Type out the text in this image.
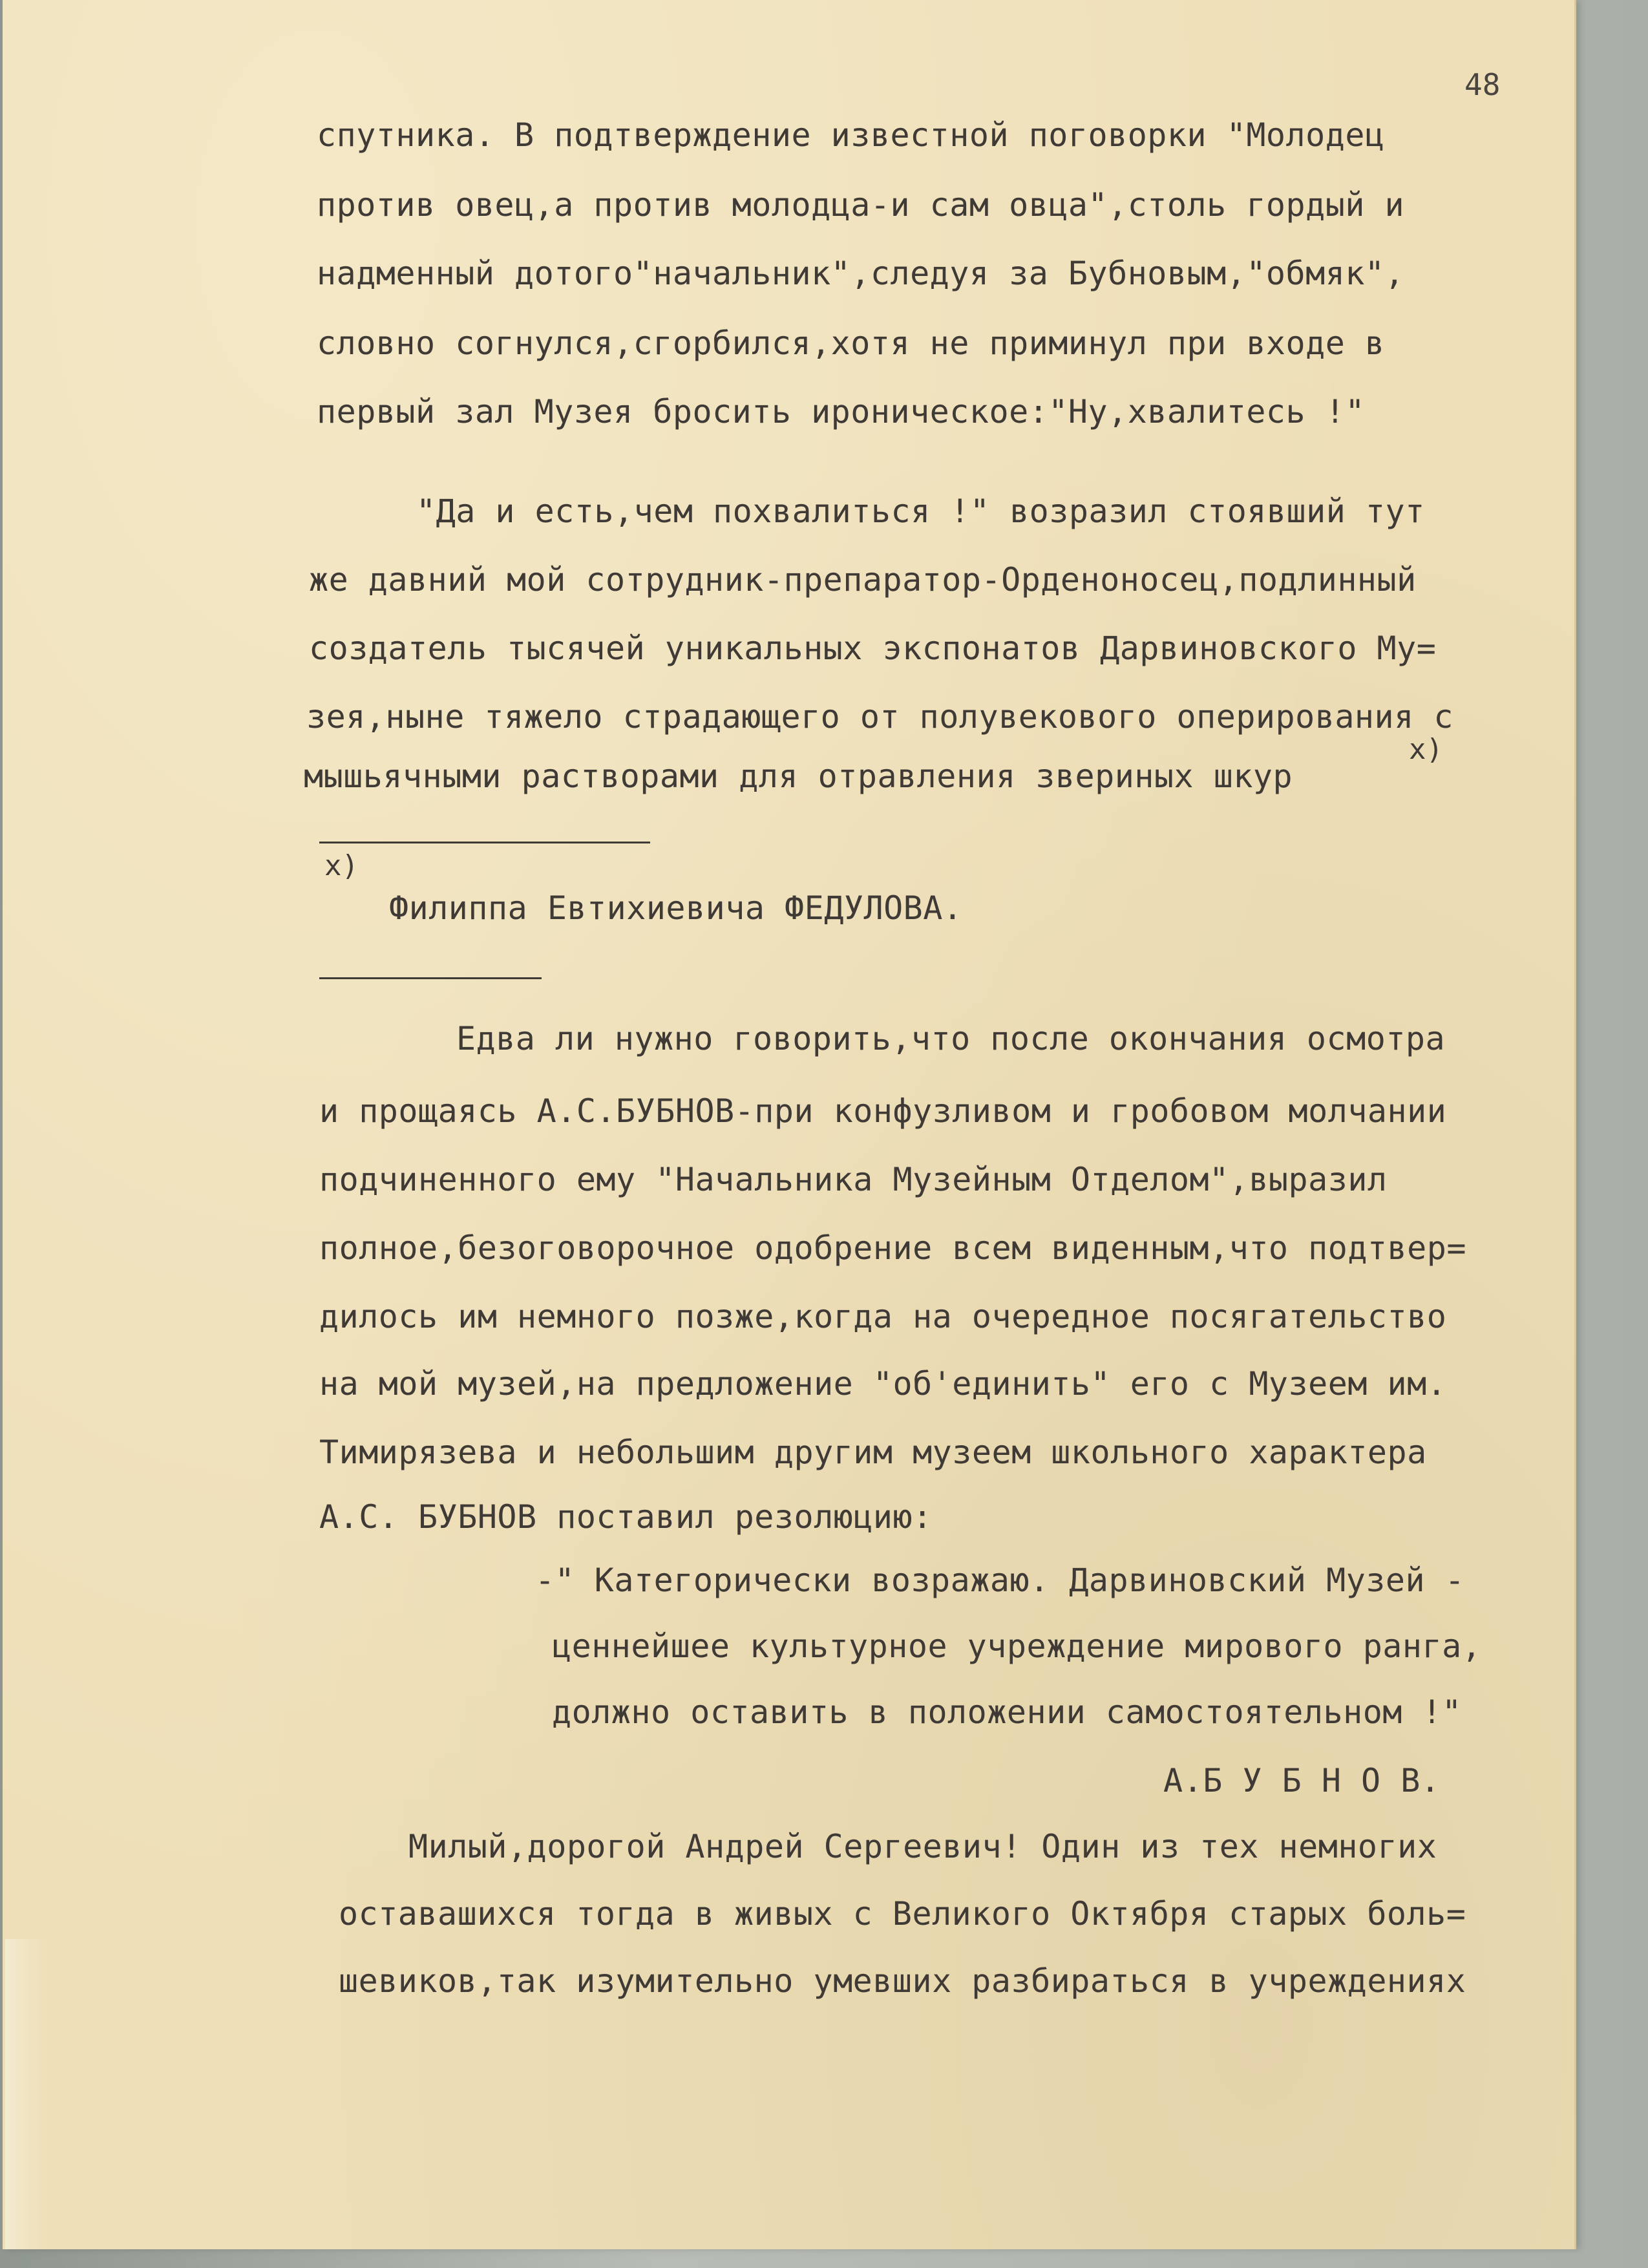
48
спутника. В подтверждение известной поговорки "Молодец
против овец,а против молодца-и сам овца",столь гордый и
надменный дотого"начальник",следуя за Бубновым,"обмяк",
словно согнулся,сгорбился,хотя не приминул при входе в
первый зал Музея бросить ироническое:"Ну,хвалитесь !"
"Да и есть,чем похвалиться !" возразил стоявший тут
же давний мой сотрудник-препаратор-Орденоносец,подлинный
создатель тысячей уникальных экспонатов Дарвиновского Му=
зея,ныне тяжело страдающего от полувекового оперирования с
мышьячными растворами для отравления звериных шкур
х)
х)
Филиппа Евтихиевича ФЕДУЛОВА.
Едва ли нужно говорить,что после окончания осмотра
и прощаясь А.С.БУБНОВ-при конфузливом и гробовом молчании
подчиненного ему "Начальника Музейным Отделом",выразил
полное,безоговорочное одобрение всем виденным,что подтвер=
дилось им немного позже,когда на очередное посягательство
на мой музей,на предложение "об'единить" его с Музеем им.
Тимирязева и небольшим другим музеем школьного характера
А.С. БУБНОВ поставил резолюцию:
-" Категорически возражаю. Дарвиновский Музей -
ценнейшее культурное учреждение мирового ранга,
должно оставить в положении самостоятельном !"
А.Б У Б Н О В.
Милый,дорогой Андрей Сергеевич! Один из тех немногих
оставашихся тогда в живых с Великого Октября старых боль=
шевиков,так изумительно умевших разбираться в учреждениях
